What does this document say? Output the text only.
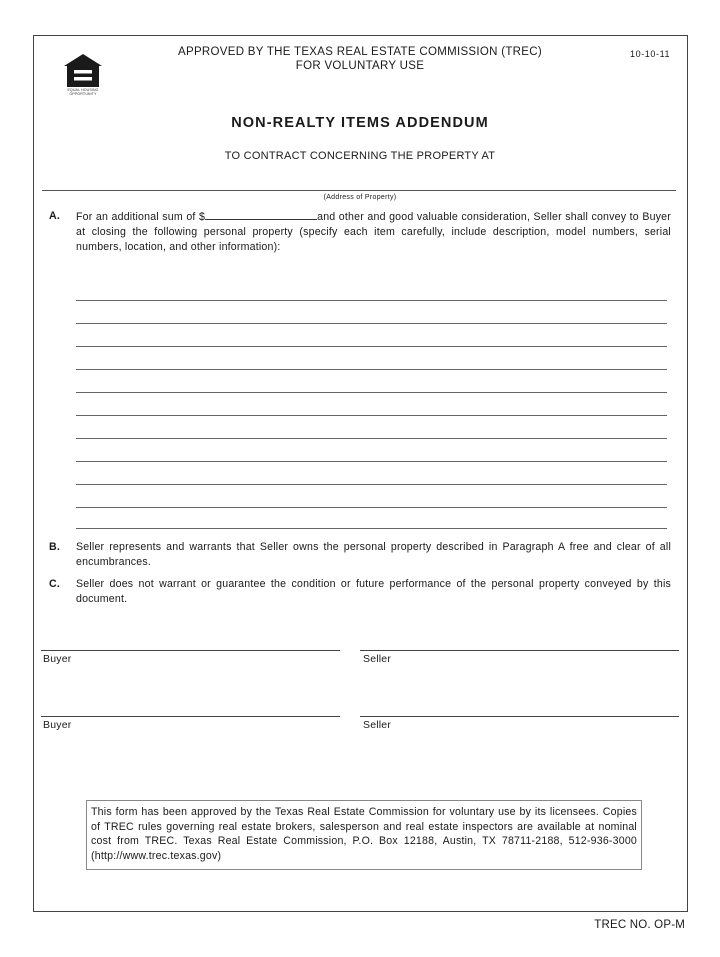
EQUAL HOUSING OPPORTUNITY
APPROVED BY THE TEXAS REAL ESTATE COMMISSION (TREC)
FOR VOLUNTARY USE
10-10-11
NON-REALTY ITEMS ADDENDUM
TO CONTRACT CONCERNING THE PROPERTY AT
(Address of Property)
A. For an additional sum of $	and other and good valuable consideration, Seller shall convey to Buyer at closing the following personal property (specify each item carefully, include description, model numbers, serial numbers, location, and other information):
B. Seller represents and warrants that Seller owns the personal property described in Paragraph A free and clear of all encumbrances.
C. Seller does not warrant or guarantee the condition or future performance of the personal property conveyed by this document.
Buyer	Seller
Buyer	Seller
This form has been approved by the Texas Real Estate Commission for voluntary use by its licensees. Copies of TREC rules governing real estate brokers, salesperson and real estate inspectors are available at nominal cost from TREC. Texas Real Estate Commission, P.O. Box 12188, Austin, TX 78711-2188, 512-936-3000 (http://www.trec.texas.gov)
TREC NO. OP-M
